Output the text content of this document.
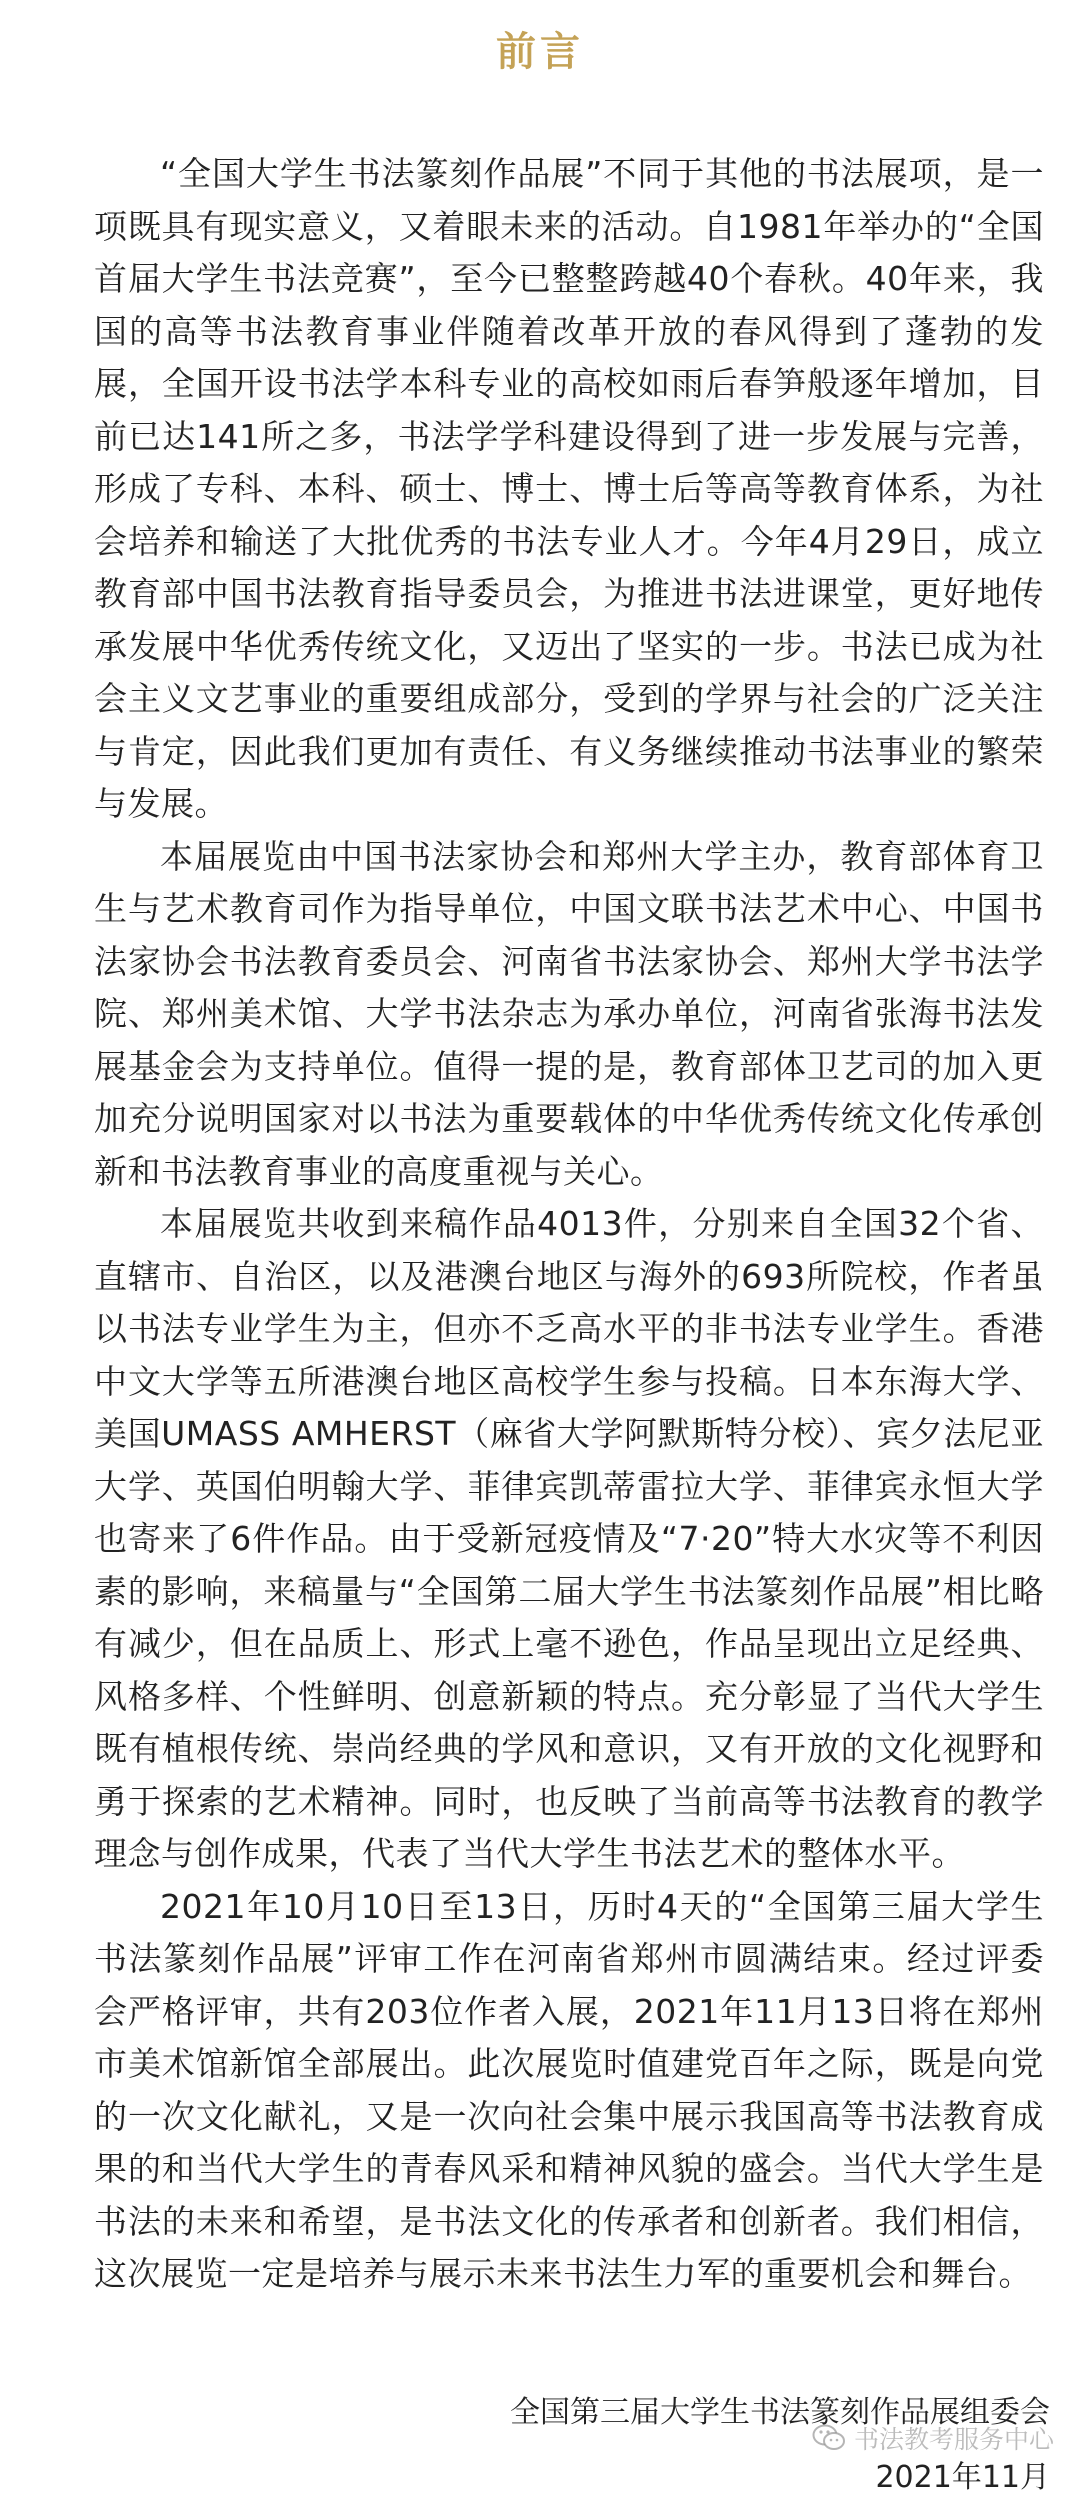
前言

“全国大学生书法篆刻作品展”不同于其他的书法展项，是一项既具有现实意义，又着眼未来的活动。自1981年举办的“全国首届大学生书法竞赛”，至今已整整跨越40个春秋。40年来，我国的高等书法教育事业伴随着改革开放的春风得到了蓬勃的发展，全国开设书法学本科专业的高校如雨后春笋般逐年增加，目前已达141所之多，书法学学科建设得到了进一步发展与完善，形成了专科、本科、硕士、博士、博士后等高等教育体系，为社会培养和输送了大批优秀的书法专业人才。今年4月29日，成立教育部中国书法教育指导委员会，为推进书法进课堂，更好地传承发展中华优秀传统文化，又迈出了坚实的一步。书法已成为社会主义文艺事业的重要组成部分，受到的学界与社会的广泛关注与肯定，因此我们更加有责任、有义务继续推动书法事业的繁荣与发展。

本届展览由中国书法家协会和郑州大学主办，教育部体育卫生与艺术教育司作为指导单位，中国文联书法艺术中心、中国书法家协会书法教育委员会、河南省书法家协会、郑州大学书法学院、郑州美术馆、大学书法杂志为承办单位，河南省张海书法发展基金会为支持单位。值得一提的是，教育部体卫艺司的加入更加充分说明国家对以书法为重要载体的中华优秀传统文化传承创新和书法教育事业的高度重视与关心。

本届展览共收到来稿作品4013件，分别来自全国32个省、直辖市、自治区，以及港澳台地区与海外的693所院校，作者虽以书法专业学生为主，但亦不乏高水平的非书法专业学生。香港中文大学等五所港澳台地区高校学生参与投稿。日本东海大学、美国UMASS AMHERST（麻省大学阿默斯特分校）、宾夕法尼亚大学、英国伯明翰大学、菲律宾凯蒂雷拉大学、菲律宾永恒大学也寄来了6件作品。由于受新冠疫情及“7·20”特大水灾等不利因素的影响，来稿量与“全国第二届大学生书法篆刻作品展”相比略有减少，但在品质上、形式上毫不逊色，作品呈现出立足经典、风格多样、个性鲜明、创意新颖的特点。充分彰显了当代大学生既有植根传统、崇尚经典的学风和意识，又有开放的文化视野和勇于探索的艺术精神。同时，也反映了当前高等书法教育的教学理念与创作成果，代表了当代大学生书法艺术的整体水平。

2021年10月10日至13日，历时4天的“全国第三届大学生书法篆刻作品展”评审工作在河南省郑州市圆满结束。经过评委会严格评审，共有203位作者入展，2021年11月13日将在郑州市美术馆新馆全部展出。此次展览时值建党百年之际，既是向党的一次文化献礼，又是一次向社会集中展示我国高等书法教育成果的和当代大学生的青春风采和精神风貌的盛会。当代大学生是书法的未来和希望，是书法文化的传承者和创新者。我们相信，这次展览一定是培养与展示未来书法生力军的重要机会和舞台。

全国第三届大学生书法篆刻作品展组委会
书法教考服务中心
2021年11月
